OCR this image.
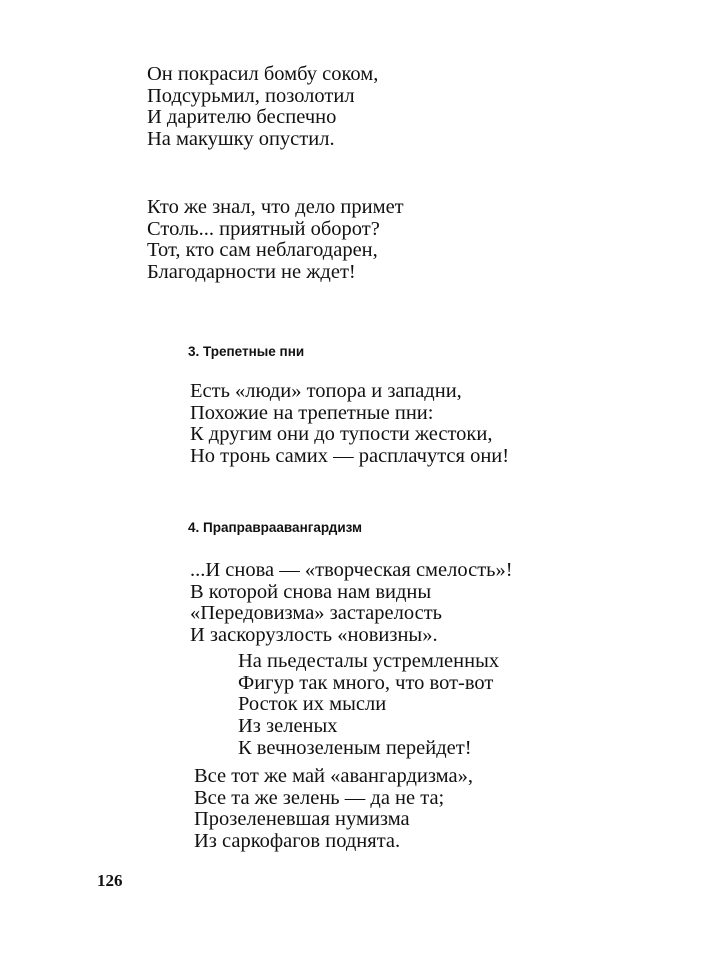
Он покрасил бомбу соком,
Подсурьмил, позолотил
И дарителю беспечно
На макушку опустил.
Кто же знал, что дело примет
Столь... приятный оборот?
Тот, кто сам неблагодарен,
Благодарности не ждет!
3. Трепетные пни
Есть «люди» топора и западни,
Похожие на трепетные пни:
К другим они до тупости жестоки,
Но тронь самих — расплачутся они!
4. Праправраавангардизм
...И снова — «творческая смелость»!
В которой снова нам видны
«Передовизма» застарелость
И заскорузлость «новизны».
На пьедесталы устремленных
Фигур так много, что вот-вот
Росток их мысли
Из зеленых
К вечнозеленым перейдет!
Все тот же май «авангардизма»,
Все та же зелень — да не та;
Прозеленевшая нумизма
Из саркофагов поднята.
126
